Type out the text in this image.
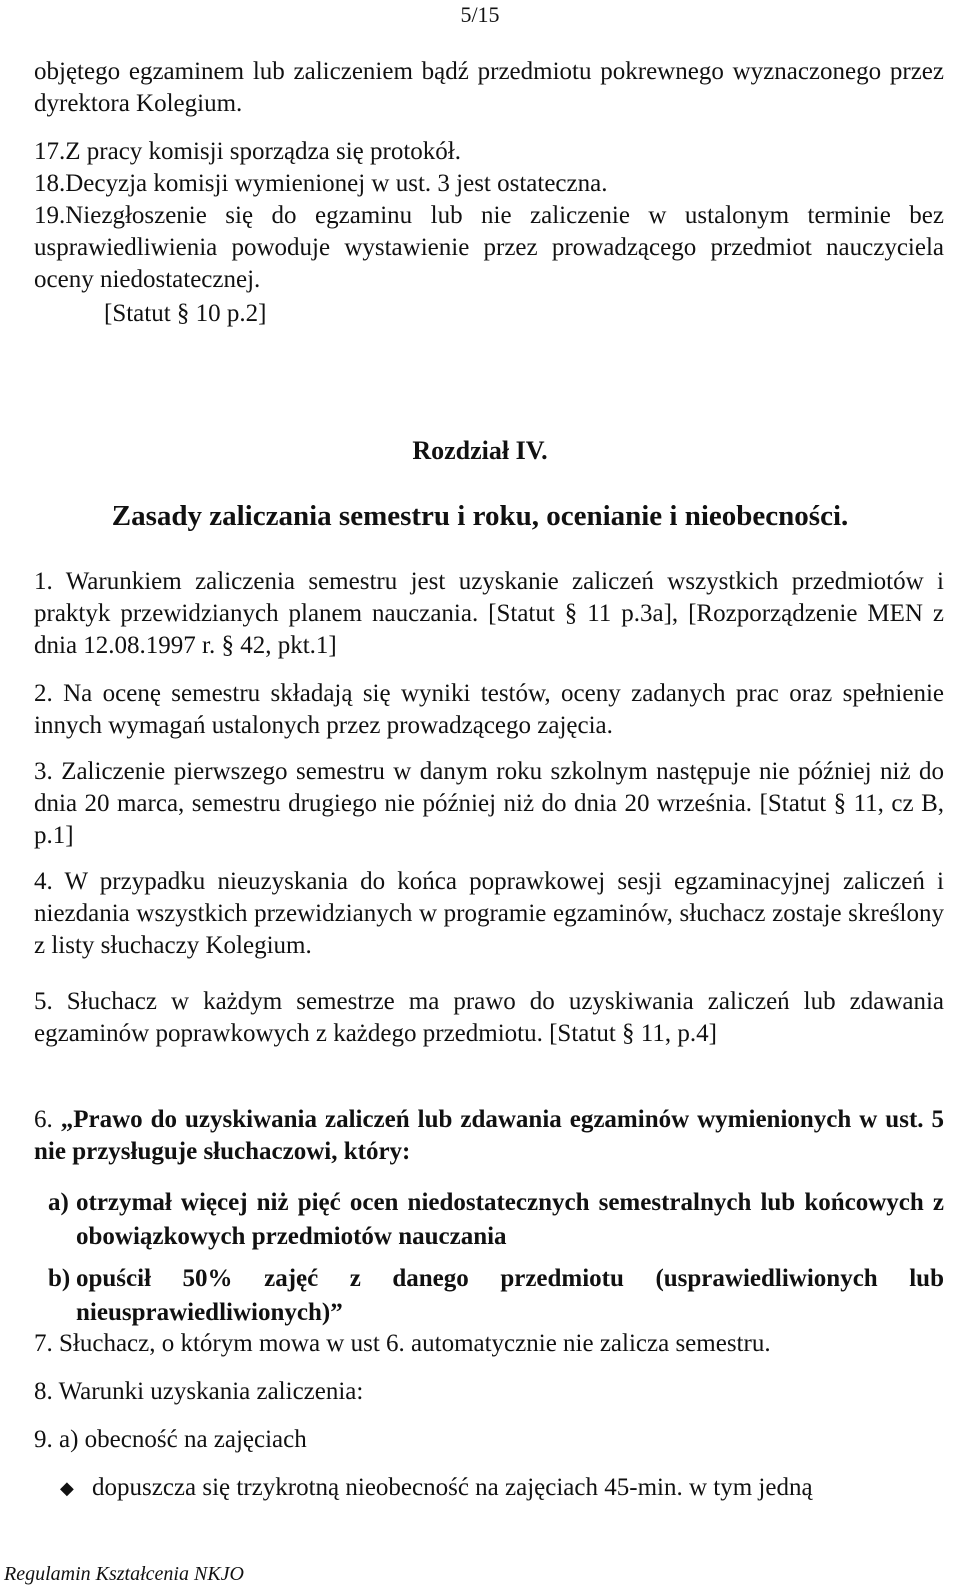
5/15

objętego egzaminem lub zaliczeniem bądź przedmiotu pokrewnego wyznaczonego przez dyrektora Kolegium.

17.Z pracy komisji sporządza się protokół.

18.Decyzja komisji wymienionej w ust. 3 jest ostateczna.

19.Niezgłoszenie się do egzaminu lub nie zaliczenie w ustalonym terminie bez usprawiedliwienia powoduje wystawienie przez prowadzącego przedmiot nauczyciela oceny niedostatecznej.

[Statut § 10 p.2]

Rozdział IV.
Zasady zaliczania semestru i roku, ocenianie i nieobecności.

1. Warunkiem zaliczenia semestru jest uzyskanie zaliczeń wszystkich przedmiotów i praktyk przewidzianych planem nauczania. [Statut § 11 p.3a], [Rozporządzenie MEN z dnia 12.08.1997 r. § 42, pkt.1]

2. Na ocenę semestru składają się wyniki testów, oceny zadanych prac oraz spełnienie innych wymagań ustalonych przez prowadzącego zajęcia.

3. Zaliczenie pierwszego semestru w danym roku szkolnym następuje nie później niż do dnia 20 marca, semestru drugiego nie później niż do dnia 20 września. [Statut § 11, cz B, p.1]

4. W przypadku nieuzyskania do końca poprawkowej sesji egzaminacyjnej zaliczeń i niezdania wszystkich przewidzianych w programie egzaminów, słuchacz zostaje skreślony z listy słuchaczy Kolegium.

5. Słuchacz w każdym semestrze ma prawo do uzyskiwania zaliczeń lub zdawania egzaminów poprawkowych z każdego przedmiotu. [Statut § 11, p.4]

6. „Prawo do uzyskiwania zaliczeń lub zdawania egzaminów wymienionych w ust. 5 nie przysługuje słuchaczowi, który:

a) otrzymał więcej niż pięć ocen niedostatecznych semestralnych lub końcowych z obowiązkowych przedmiotów nauczania
b) opuścił 50% zajęć z danego przedmiotu (usprawiedliwionych lub nieusprawiedliwionych)”

7. Słuchacz, o którym mowa w ust 6. automatycznie nie zalicza semestru.

8. Warunki uzyskania zaliczenia:

9. a) obecność na zajęciach

◆ dopuszcza się trzykrotną nieobecność na zajęciach 45-min. w tym jedną
Regulamin Kształcenia NKJO
